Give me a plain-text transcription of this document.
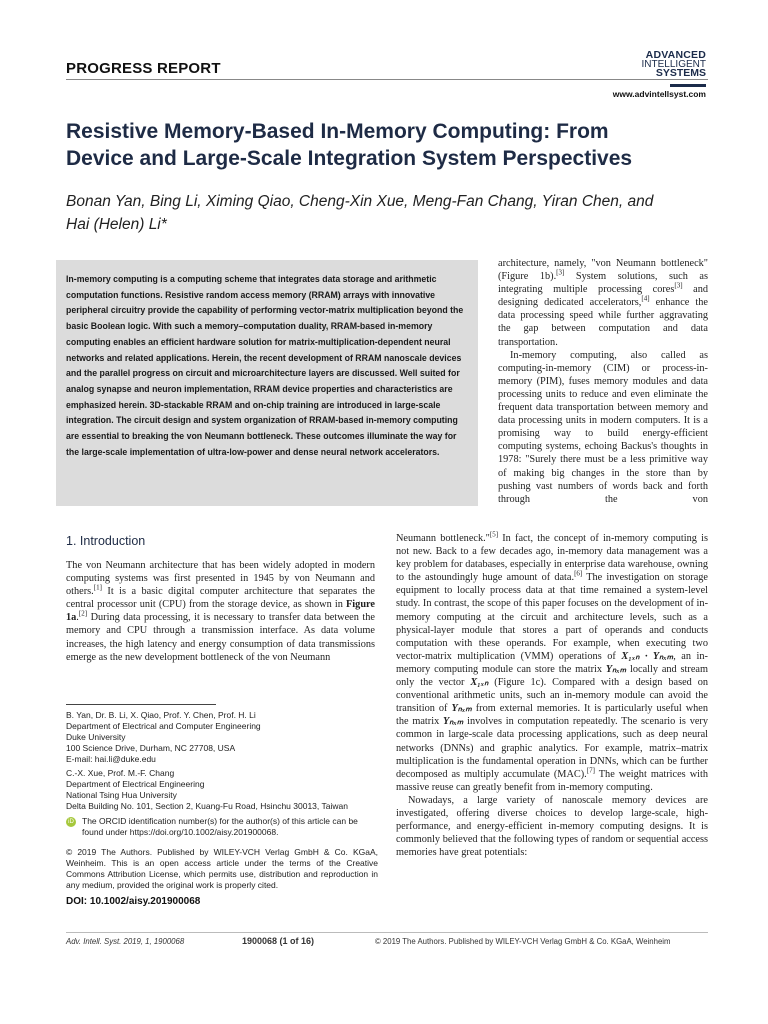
PROGRESS REPORT
ADVANCED
INTELLIGENT
SYSTEMS
www.advintellsyst.com
Resistive Memory-Based In-Memory Computing: From
Device and Large-Scale Integration System Perspectives
Bonan Yan, Bing Li, Ximing Qiao, Cheng-Xin Xue, Meng-Fan Chang, Yiran Chen, and
Hai (Helen) Li*

In-memory computing is a computing scheme that integrates data storage and arithmetic computation functions. Resistive random access memory (RRAM) arrays with innovative peripheral circuitry provide the capability of performing vector-matrix multiplication beyond the basic Boolean logic. With such a memory–computation duality, RRAM-based in-memory computing enables an efficient hardware solution for matrix-multiplication-dependent neural networks and related applications. Herein, the recent development of RRAM nanoscale devices and the parallel progress on circuit and microarchitecture layers are discussed. Well suited for analog synapse and neuron implementation, RRAM device properties and characteristics are emphasized herein. 3D-stackable RRAM and on-chip training are introduced in large-scale integration. The circuit design and system organization of RRAM-based in-memory computing are essential to breaking the von Neumann bottleneck. These outcomes illuminate the way for the large-scale implementation of ultra-low-power and dense neural network accelerators.

architecture, namely, "von Neumann bottleneck" (Figure 1b).[3] System solutions, such as integrating multiple processing cores[3] and designing dedicated accelerators,[4] enhance the data processing speed while further aggravating the gap between computation and data transportation.

In-memory computing, also called as computing-in-memory (CIM) or process-in-memory (PIM), fuses memory modules and data processing units to reduce and even eliminate the frequent data transportation between memory and data processing units in modern computers. It is a promising way to build energy-efficient computing systems, echoing Backus's thoughts in 1978: "Surely there must be a less primitive way of making big changes in the store than by pushing vast numbers of words back and forth through the von

1. Introduction

The von Neumann architecture that has been widely adopted in modern computing systems was first presented in 1945 by von Neumann and others.[1] It is a basic digital computer architecture that separates the central processor unit (CPU) from the storage device, as shown in Figure 1a.[2] During data processing, it is necessary to transfer data between the memory and CPU through a transmission interface. As data volume increases, the high latency and energy consumption of data transmissions emerge as the new development bottleneck of the von Neumann

Neumann bottleneck."[5] In fact, the concept of in-memory computing is not new. Back to a few decades ago, in-memory data management was a key problem for databases, especially in enterprise data warehouse, owning to the astoundingly huge amount of data.[6] The investigation on storage equipment to locally process data at that time remained a system-level study. In contrast, the scope of this paper focuses on the development of in-memory computing at the circuit and architecture levels, such as a physical-layer module that stores a part of operands and conducts computation with these operands. For example, when executing two vector-matrix multiplication (VMM) operations of X₁ₓₙ · Yₙₓₘ, an in-memory computing module can store the matrix Yₙₓₘ locally and stream only the vector X₁ₓₙ (Figure 1c). Compared with a design based on conventional arithmetic units, such an in-memory module can avoid the transition of Yₙₓₘ from external memories. It is particularly useful when the matrix Yₙₓₘ involves in computation repeatedly. The scenario is very common in large-scale data processing applications, such as deep neural networks (DNNs) and graphic analytics. For example, matrix–matrix multiplication is the fundamental operation in DNNs, which can be further decomposed as multiply accumulate (MAC).[7] The weight matrices with massive reuse can greatly benefit from in-memory computing.

Nowadays, a large variety of nanoscale memory devices are investigated, offering diverse choices to develop large-scale, high-performance, and energy-efficient in-memory computing designs. It is commonly believed that the following types of random or sequential access memories have great potentials:

B. Yan, Dr. B. Li, X. Qiao, Prof. Y. Chen, Prof. H. Li
Department of Electrical and Computer Engineering
Duke University
100 Science Drive, Durham, NC 27708, USA
E-mail: hai.li@duke.edu
C.-X. Xue, Prof. M.-F. Chang
Department of Electrical Engineering
National Tsing Hua University
Delta Building No. 101, Section 2, Kuang-Fu Road, Hsinchu 30013, Taiwan
iD The ORCID identification number(s) for the author(s) of this article can be found under https://doi.org/10.1002/aisy.201900068.
© 2019 The Authors. Published by WILEY-VCH Verlag GmbH & Co. KGaA, Weinheim. This is an open access article under the terms of the Creative Commons Attribution License, which permits use, distribution and reproduction in any medium, provided the original work is properly cited.
DOI: 10.1002/aisy.201900068
Adv. Intell. Syst. 2019, 1, 1900068	1900068 (1 of 16)	© 2019 The Authors. Published by WILEY-VCH Verlag GmbH & Co. KGaA, Weinheim
